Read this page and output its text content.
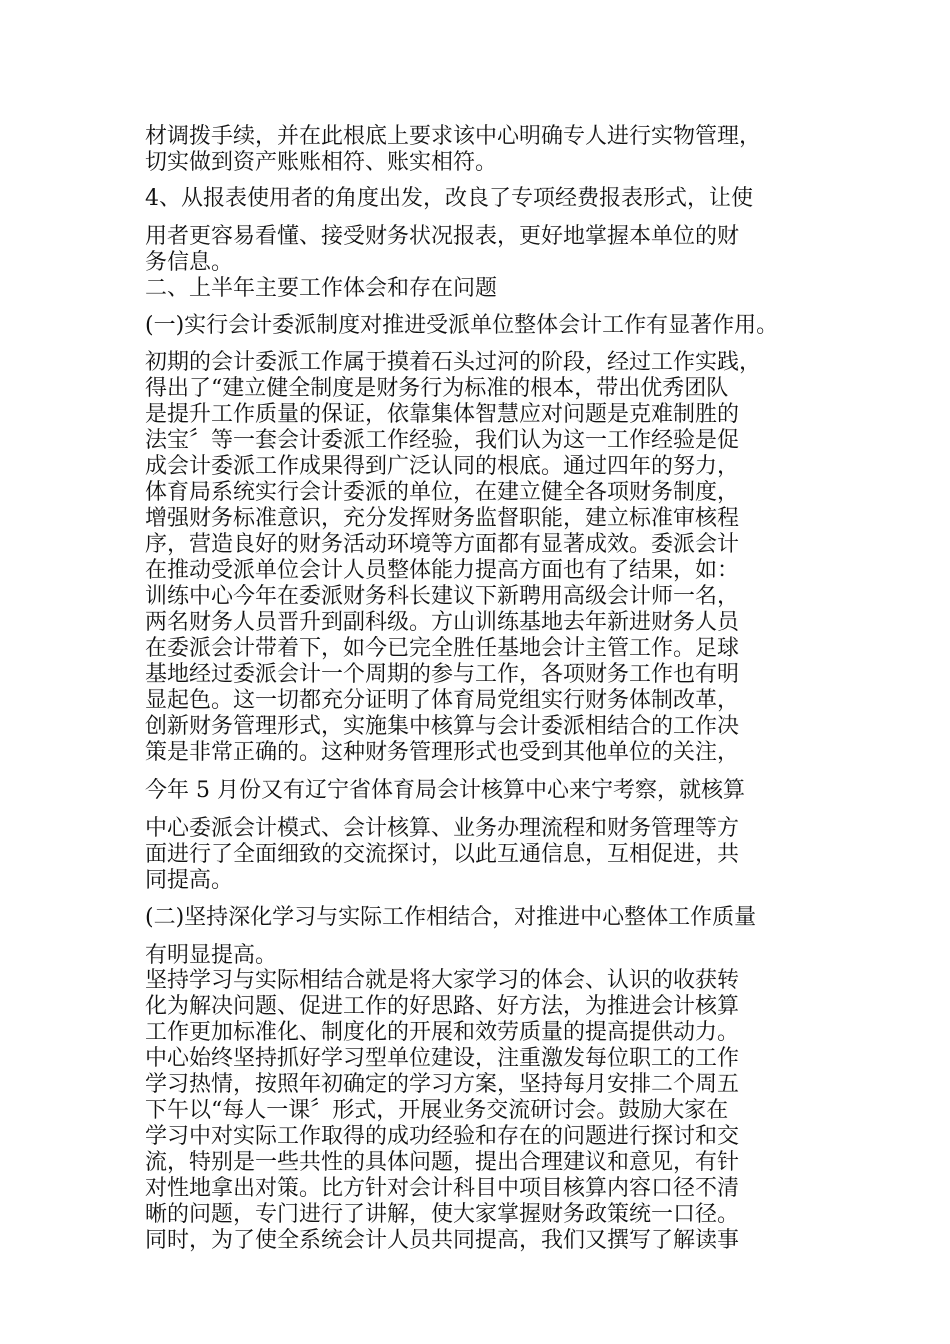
材调拨手续，并在此根底上要求该中心明确专人进行实物管理，
切实做到资产账账相符、账实相符。
4、从报表使用者的角度出发，改良了专项经费报表形式，让使
用者更容易看懂、接受财务状况报表，更好地掌握本单位的财
务信息。
二、上半年主要工作体会和存在问题
(一)实行会计委派制度对推进受派单位整体会计工作有显著作用。
初期的会计委派工作属于摸着石头过河的阶段，经过工作实践，
得出了“建立健全制度是财务行为标准的根本，带出优秀团队
是提升工作质量的保证，依靠集体智慧应对问题是克难制胜的
法宝〞等一套会计委派工作经验，我们认为这一工作经验是促
成会计委派工作成果得到广泛认同的根底。通过四年的努力，
体育局系统实行会计委派的单位，在建立健全各项财务制度，
增强财务标准意识，充分发挥财务监督职能，建立标准审核程
序，营造良好的财务活动环境等方面都有显著成效。委派会计
在推动受派单位会计人员整体能力提高方面也有了结果，如：
训练中心今年在委派财务科长建议下新聘用高级会计师一名，
两名财务人员晋升到副科级。方山训练基地去年新进财务人员
在委派会计带着下，如今已完全胜任基地会计主管工作。足球
基地经过委派会计一个周期的参与工作，各项财务工作也有明
显起色。这一切都充分证明了体育局党组实行财务体制改革，
创新财务管理形式，实施集中核算与会计委派相结合的工作决
策是非常正确的。这种财务管理形式也受到其他单位的关注，
今年 5 月份又有辽宁省体育局会计核算中心来宁考察，就核算
中心委派会计模式、会计核算、业务办理流程和财务管理等方
面进行了全面细致的交流探讨，以此互通信息，互相促进，共
同提高。
(二)坚持深化学习与实际工作相结合，对推进中心整体工作质量
有明显提高。
坚持学习与实际相结合就是将大家学习的体会、认识的收获转
化为解决问题、促进工作的好思路、好方法，为推进会计核算
工作更加标准化、制度化的开展和效劳质量的提高提供动力。
中心始终坚持抓好学习型单位建设，注重激发每位职工的工作
学习热情，按照年初确定的学习方案，坚持每月安排二个周五
下午以“每人一课〞形式，开展业务交流研讨会。鼓励大家在
学习中对实际工作取得的成功经验和存在的问题进行探讨和交
流，特别是一些共性的具体问题，提出合理建议和意见，有针
对性地拿出对策。比方针对会计科目中项目核算内容口径不清
晰的问题，专门进行了讲解，使大家掌握财务政策统一口径。
同时，为了使全系统会计人员共同提高，我们又撰写了解读事
